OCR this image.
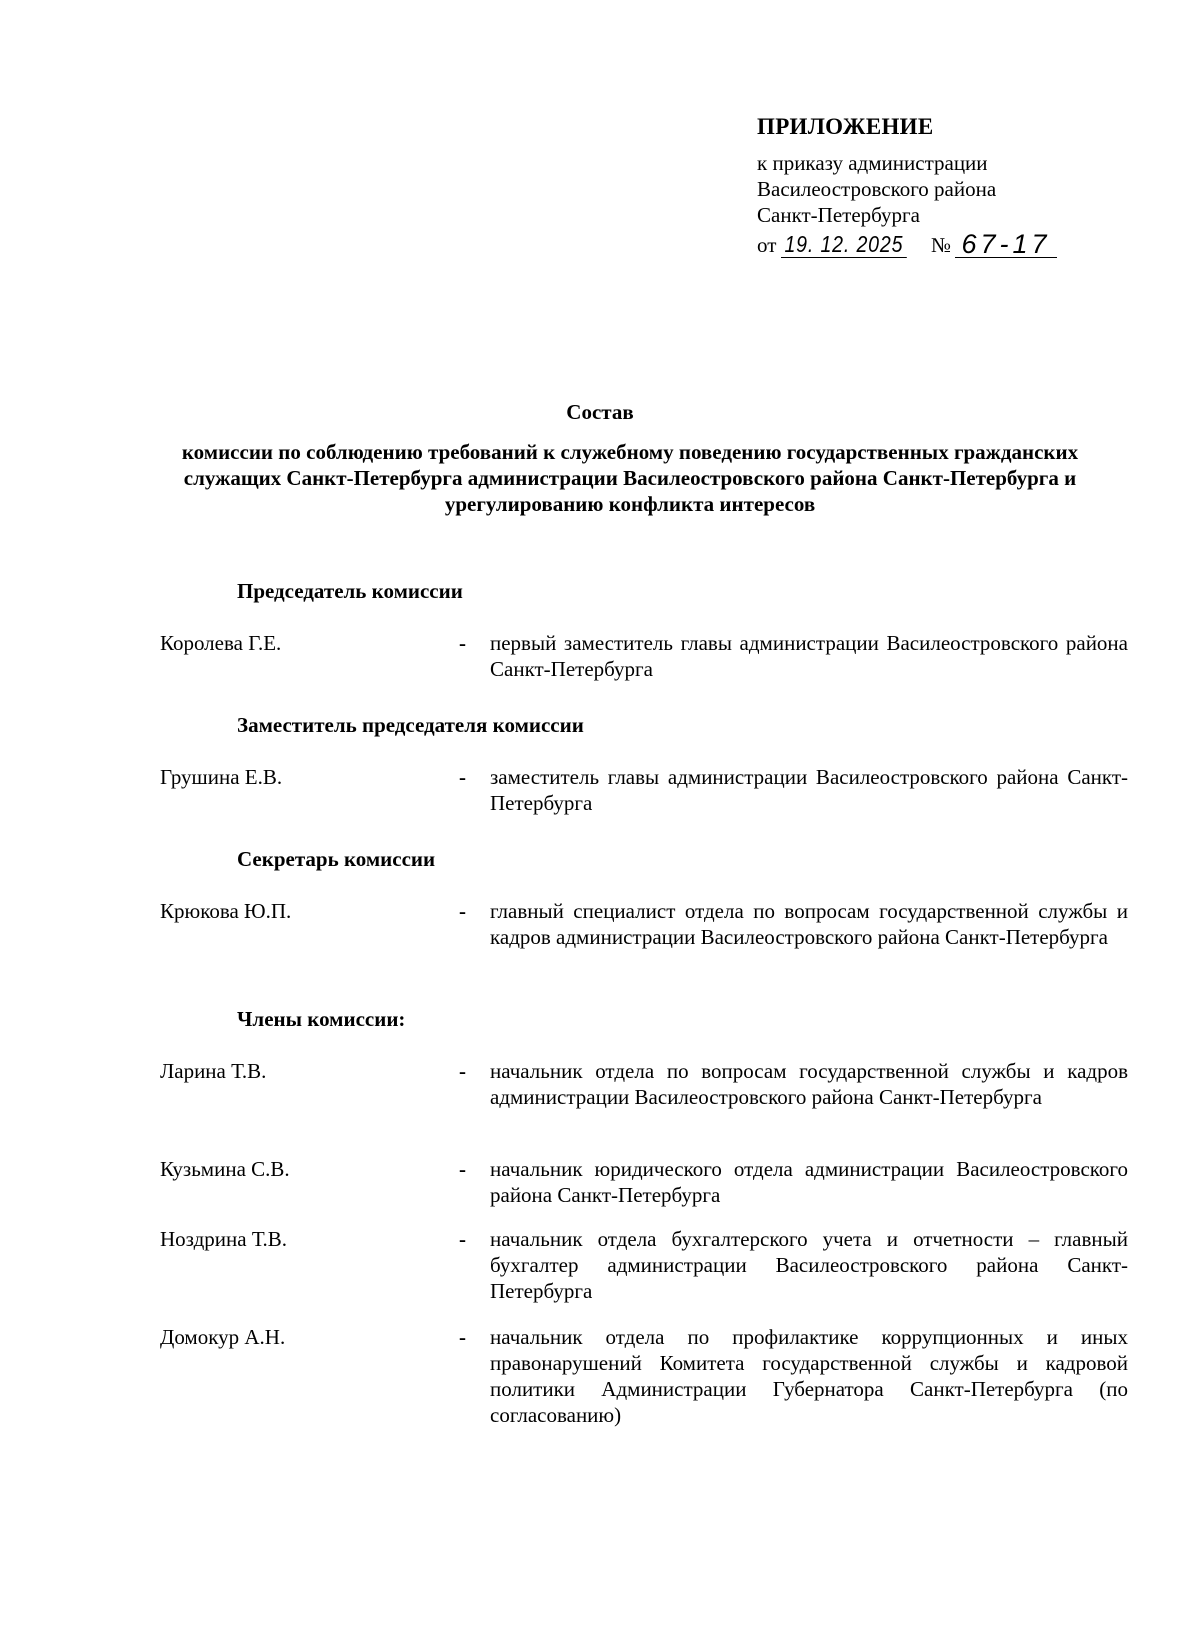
ПРИЛОЖЕНИЕ
к приказу администрации
Василеостровского района
Санкт-Петербурга
от 19. 12. 2025 № 67-17
Состав
комиссии по соблюдению требований к служебному поведению государственных гражданских служащих Санкт-Петербурга администрации Василеостровского района Санкт-Петербурга и урегулированию конфликта интересов
Председатель комиссии
Королева Г.Е.	- первый заместитель главы администрации Василеостровского района Санкт-Петербурга
Заместитель председателя комиссии
Грушина Е.В.	- заместитель главы администрации Василеостровского района Санкт-Петербурга
Секретарь комиссии
Крюкова Ю.П.	- главный специалист отдела по вопросам государственной службы и кадров администрации Василеостровского района Санкт-Петербурга
Члены комиссии:
Ларина Т.В.	- начальник отдела по вопросам государственной службы и кадров администрации Василеостровского района Санкт-Петербурга
Кузьмина С.В.	- начальник юридического отдела администрации Василеостровского района Санкт-Петербурга
Ноздрина Т.В.	- начальник отдела бухгалтерского учета и отчетности – главный бухгалтер администрации Василеостровского района Санкт-Петербурга
Домокур А.Н.	- начальник отдела по профилактике коррупционных и иных правонарушений Комитета государственной службы и кадровой политики Администрации Губернатора Санкт-Петербурга (по согласованию)
